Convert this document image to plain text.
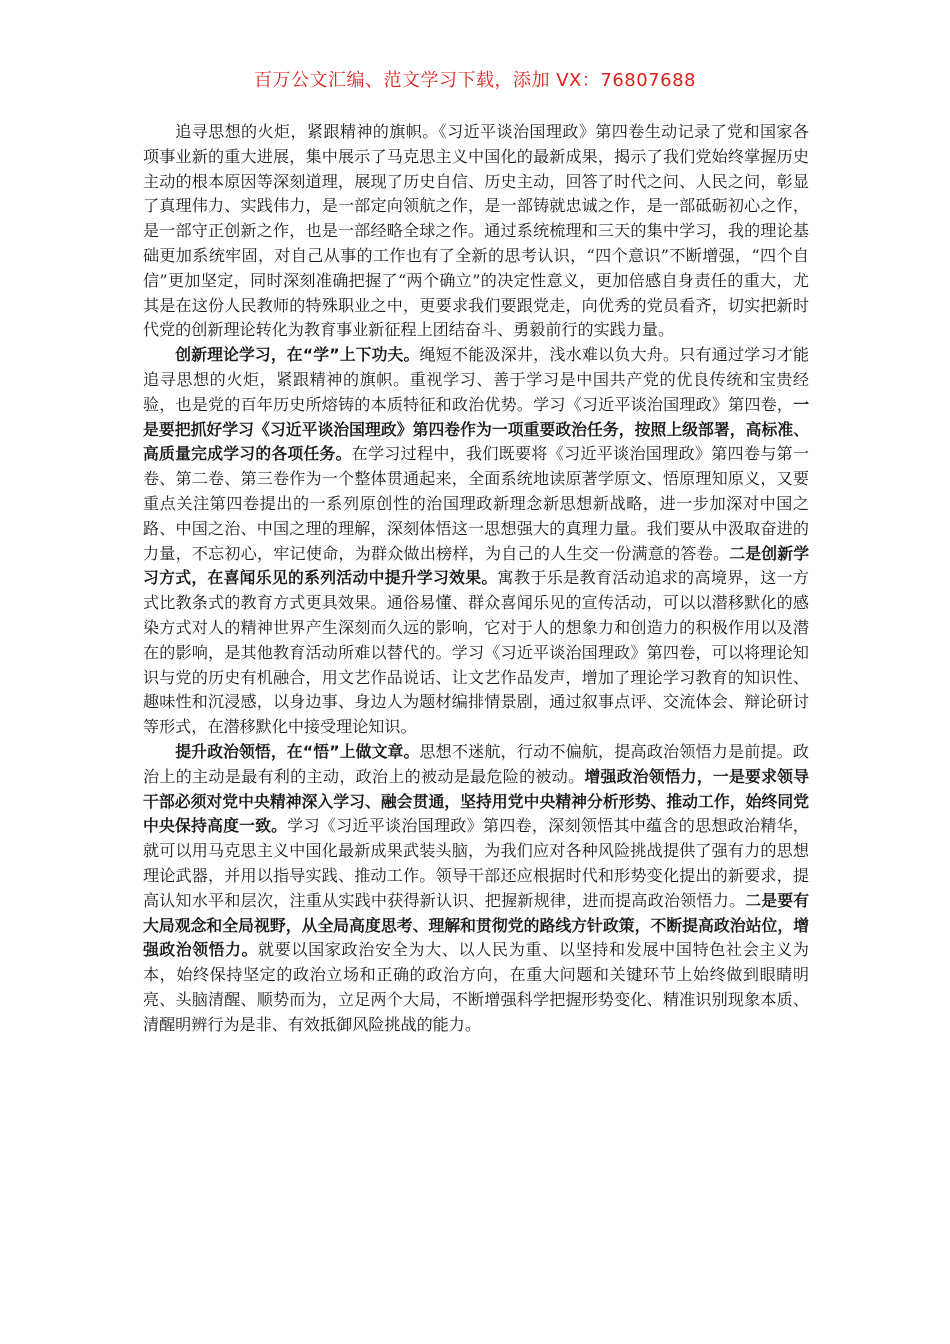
百万公文汇编、范文学习下载，添加 VX：76807688

追寻思想的火炬，紧跟精神的旗帜。《习近平谈治国理政》第四卷生动记录了党和国家各项事业新的重大进展，集中展示了马克思主义中国化的最新成果，揭示了我们党始终掌握历史主动的根本原因等深刻道理，展现了历史自信、历史主动，回答了时代之问、人民之问，彰显了真理伟力、实践伟力，是一部定向领航之作，是一部铸就忠诚之作，是一部砥砺初心之作，是一部守正创新之作，也是一部经略全球之作。通过系统梳理和三天的集中学习，我的理论基础更加系统牢固，对自己从事的工作也有了全新的思考认识，“四个意识”不断增强，“四个自信”更加坚定，同时深刻准确把握了“两个确立”的决定性意义，更加倍感自身责任的重大，尤其是在这份人民教师的特殊职业之中，更要求我们要跟党走，向优秀的党员看齐，切实把新时代党的创新理论转化为教育事业新征程上团结奋斗、勇毅前行的实践力量。

创新理论学习，在“学”上下功夫。绳短不能汲深井，浅水难以负大舟。只有通过学习才能追寻思想的火炬，紧跟精神的旗帜。重视学习、善于学习是中国共产党的优良传统和宝贵经验，也是党的百年历史所熔铸的本质特征和政治优势。学习《习近平谈治国理政》第四卷，一是要把抓好学习《习近平谈治国理政》第四卷作为一项重要政治任务，按照上级部署，高标准、高质量完成学习的各项任务。在学习过程中，我们既要将《习近平谈治国理政》第四卷与第一卷、第二卷、第三卷作为一个整体贯通起来，全面系统地读原著学原文、悟原理知原义，又要重点关注第四卷提出的一系列原创性的治国理政新理念新思想新战略，进一步加深对中国之路、中国之治、中国之理的理解，深刻体悟这一思想强大的真理力量。我们要从中汲取奋进的力量，不忘初心，牢记使命，为群众做出榜样，为自己的人生交一份满意的答卷。二是创新学习方式，在喜闻乐见的系列活动中提升学习效果。寓教于乐是教育活动追求的高境界，这一方式比教条式的教育方式更具效果。通俗易懂、群众喜闻乐见的宣传活动，可以以潜移默化的感染方式对人的精神世界产生深刻而久远的影响，它对于人的想象力和创造力的积极作用以及潜在的影响，是其他教育活动所难以替代的。学习《习近平谈治国理政》第四卷，可以将理论知识与党的历史有机融合，用文艺作品说话、让文艺作品发声，增加了理论学习教育的知识性、趣味性和沉浸感，以身边事、身边人为题材编排情景剧，通过叙事点评、交流体会、辩论研讨等形式，在潜移默化中接受理论知识。

提升政治领悟，在“悟”上做文章。思想不迷航，行动不偏航，提高政治领悟力是前提。政治上的主动是最有利的主动，政治上的被动是最危险的被动。增强政治领悟力，一是要求领导干部必须对党中央精神深入学习、融会贯通，坚持用党中央精神分析形势、推动工作，始终同党中央保持高度一致。学习《习近平谈治国理政》第四卷，深刻领悟其中蕴含的思想政治精华，就可以用马克思主义中国化最新成果武装头脑，为我们应对各种风险挑战提供了强有力的思想理论武器，并用以指导实践、推动工作。领导干部还应根据时代和形势变化提出的新要求，提高认知水平和层次，注重从实践中获得新认识、把握新规律，进而提高政治领悟力。二是要有大局观念和全局视野，从全局高度思考、理解和贯彻党的路线方针政策，不断提高政治站位，增强政治领悟力。就要以国家政治安全为大、以人民为重、以坚持和发展中国特色社会主义为本，始终保持坚定的政治立场和正确的政治方向，在重大问题和关键环节上始终做到眼睛明亮、头脑清醒、顺势而为，立足两个大局，不断增强科学把握形势变化、精准识别现象本质、清醒明辨行为是非、有效抵御风险挑战的能力。
